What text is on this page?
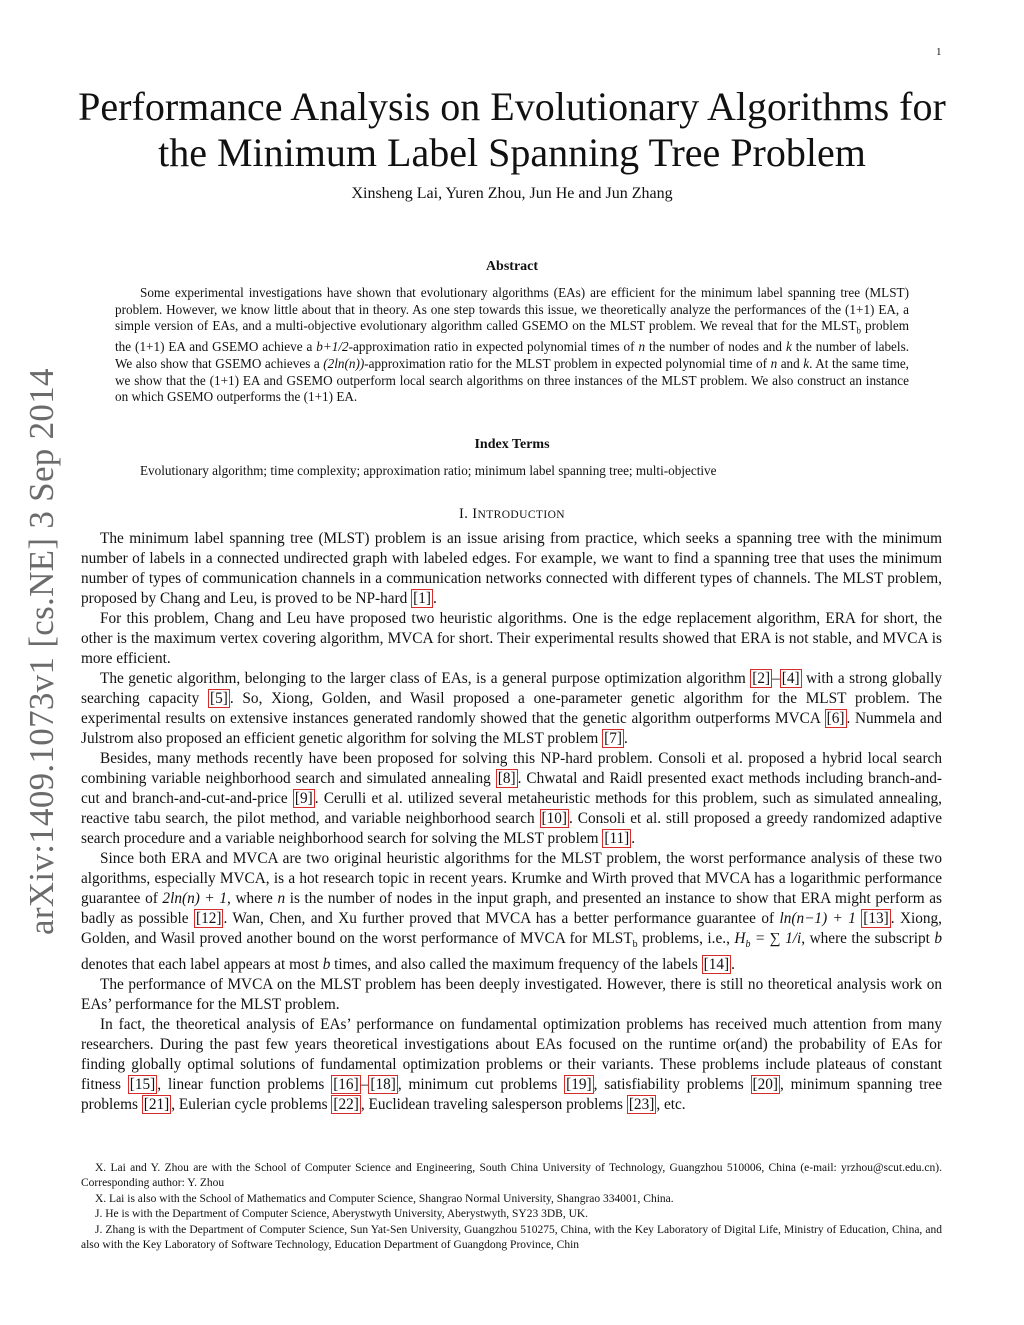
1
arXiv:1409.1073v1 [cs.NE] 3 Sep 2014
Performance Analysis on Evolutionary Algorithms for the Minimum Label Spanning Tree Problem
Xinsheng Lai, Yuren Zhou, Jun He and Jun Zhang
Abstract

Some experimental investigations have shown that evolutionary algorithms (EAs) are efficient for the minimum label spanning tree (MLST) problem. However, we know little about that in theory. As one step towards this issue, we theoretically analyze the performances of the (1+1) EA, a simple version of EAs, and a multi-objective evolutionary algorithm called GSEMO on the MLST problem. We reveal that for the $MLST_b$ problem the (1+1) EA and GSEMO achieve a b+1/2-approximation ratio in expected polynomial times of n the number of nodes and k the number of labels. We also show that GSEMO achieves a (2ln(n))-approximation ratio for the MLST problem in expected polynomial time of n and k. At the same time, we show that the (1+1) EA and GSEMO outperform local search algorithms on three instances of the MLST problem. We also construct an instance on which GSEMO outperforms the (1+1) EA.

Index Terms

Evolutionary algorithm; time complexity; approximation ratio; minimum label spanning tree; multi-objective

I. INTRODUCTION

The minimum label spanning tree (MLST) problem is an issue arising from practice, which seeks a spanning tree with the minimum number of labels in a connected undirected graph with labeled edges. For example, we want to find a spanning tree that uses the minimum number of types of communication channels in a communication networks connected with different types of channels. The MLST problem, proposed by Chang and Leu, is proved to be NP-hard [1] .

For this problem, Chang and Leu have proposed two heuristic algorithms. One is the edge replacement algorithm, ERA for short, the other is the maximum vertex covering algorithm, MVCA for short. Their experimental results showed that ERA is not stable, and MVCA is more efficient.

The genetic algorithm, belonging to the larger class of EAs, is a general purpose optimization algorithm [2] – [4] with a strong globally searching capacity [5] . So, Xiong, Golden, and Wasil proposed a one-parameter genetic algorithm for the MLST problem. The experimental results on extensive instances generated randomly showed that the genetic algorithm outperforms MVCA [6] . Nummela and Julstrom also proposed an efficient genetic algorithm for solving the MLST problem [7] .

Besides, many methods recently have been proposed for solving this NP-hard problem. Consoli et al. proposed a hybrid local search combining variable neighborhood search and simulated annealing [8] . Chwatal and Raidl presented exact methods including branch-and-cut and branch-and-cut-and-price [9] . Cerulli et al. utilized several metaheuristic methods for this problem, such as simulated annealing, reactive tabu search, the pilot method, and variable neighborhood search [10] . Consoli et al. still proposed a greedy randomized adaptive search procedure and a variable neighborhood search for solving the MLST problem [11] .

Since both ERA and MVCA are two original heuristic algorithms for the MLST problem, the worst performance analysis of these two algorithms, especially MVCA, is a hot research topic in recent years. Krumke and Wirth proved that MVCA has a logarithmic performance guarantee of 2ln(n) + 1, where n is the number of nodes in the input graph, and presented an instance to show that ERA might perform as badly as possible [12] . Wan, Chen, and Xu further proved that MVCA has a better performance guarantee of ln(n−1) + 1 [13] . Xiong, Golden, and Wasil proved another bound on the worst performance of MVCA for $MLST_b$ problems, i.e., $H_b$ = ∑ 1/i, where the subscript b denotes that each label appears at most b times, and also called the maximum frequency of the labels [14] .

The performance of MVCA on the MLST problem has been deeply investigated. However, there is still no theoretical analysis work on EAs’ performance for the MLST problem.

In fact, the theoretical analysis of EAs’ performance on fundamental optimization problems has received much attention from many researchers. During the past few years theoretical investigations about EAs focused on the runtime or(and) the probability of EAs for finding globally optimal solutions of fundamental optimization problems or their variants. These problems include plateaus of constant fitness [15] , linear function problems [16] – [18] , minimum cut problems [19] , satisfiability problems [20] , minimum spanning tree problems [21] , Eulerian cycle problems [22] , Euclidean traveling salesperson problems [23] , etc.

X. Lai and Y. Zhou are with the School of Computer Science and Engineering, South China University of Technology, Guangzhou 510006, China (e-mail: yrzhou@scut.edu.cn). Corresponding author: Y. Zhou

X. Lai is also with the School of Mathematics and Computer Science, Shangrao Normal University, Shangrao 334001, China.

J. He is with the Department of Computer Science, Aberystwyth University, Aberystwyth, SY23 3DB, UK.

J. Zhang is with the Department of Computer Science, Sun Yat-Sen University, Guangzhou 510275, China, with the Key Laboratory of Digital Life, Ministry of Education, China, and also with the Key Laboratory of Software Technology, Education Department of Guangdong Province, Chin
